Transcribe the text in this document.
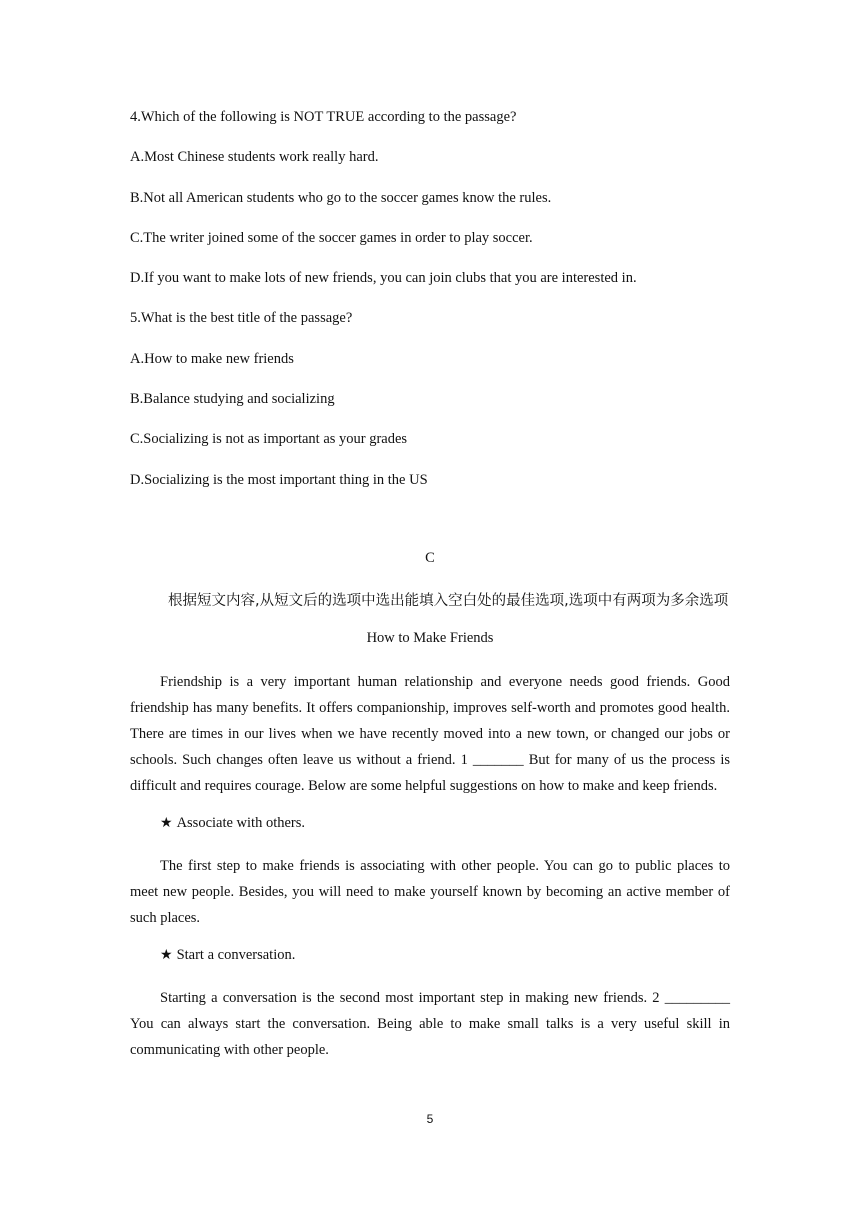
4.Which of the following is NOT TRUE according to the passage?
A.Most Chinese students work really hard.
B.Not all American students who go to the soccer games know the rules.
C.The writer joined some of the soccer games in order to play soccer.
D.If you want to make lots of new friends, you can join clubs that you are interested in.
5.What is the best title of the passage?
A.How to make new friends
B.Balance studying and socializing
C.Socializing is not as important as your grades
D.Socializing is the most important thing in the US
C
根据短文内容,从短文后的选项中选出能填入空白处的最佳选项,选项中有两项为多余选项
How to Make Friends
Friendship is a very important human relationship and everyone needs good friends. Good friendship has many benefits. It offers companionship, improves self-worth and promotes good health. There are times in our lives when we have recently moved into a new town, or changed our jobs or schools. Such changes often leave us without a friend. 1 _______ But for many of us the process is difficult and requires courage. Below are some helpful suggestions on how to make and keep friends.
★ Associate with others.
The first step to make friends is associating with other people. You can go to public places to meet new people. Besides, you will need to make yourself known by becoming an active member of such places.
★ Start a conversation.
Starting a conversation is the second most important step in making new friends. 2 _________ You can always start the conversation. Being able to make small talks is a very useful skill in communicating with other people.
5
